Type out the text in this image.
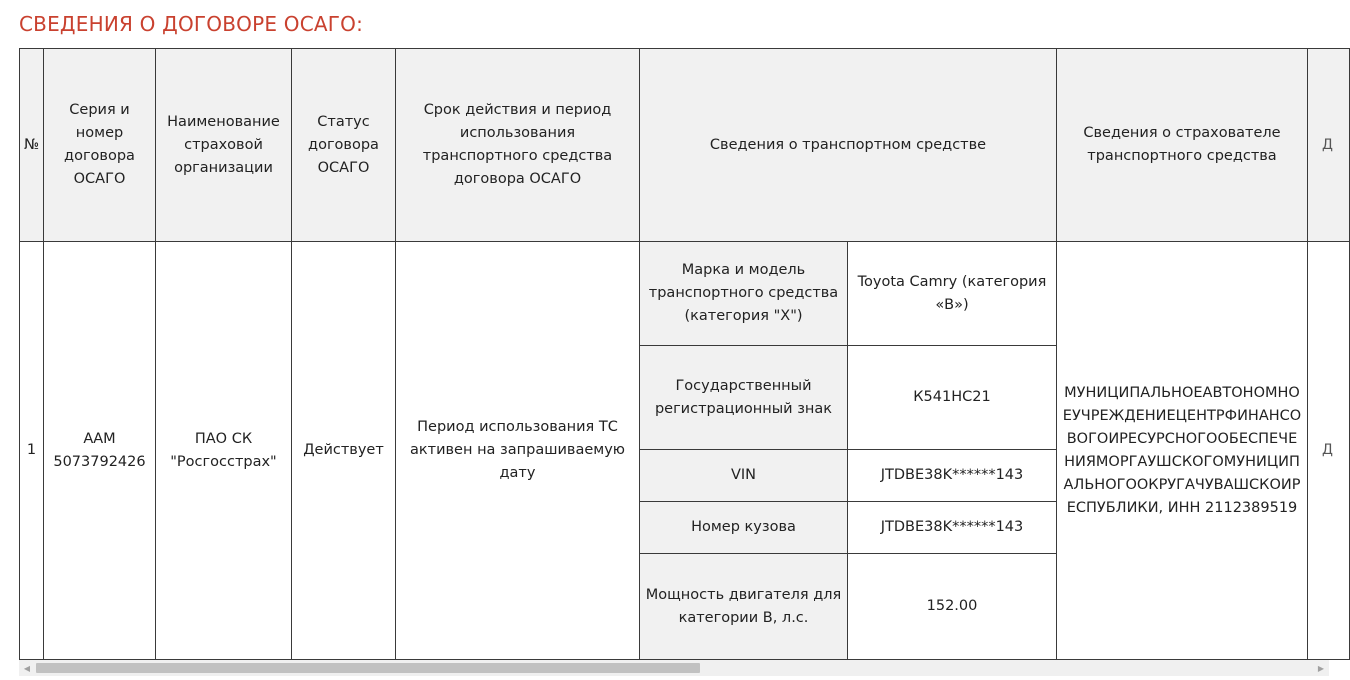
СВЕДЕНИЯ О ДОГОВОРЕ ОСАГО:
№	Серия и номер договора ОСАГО	Наименование страховой организации	Статус договора ОСАГО	Срок действия и период использования транспортного средства договора ОСАГО	Сведения о транспортном средстве		Сведения о страхователе транспортного средства	Д
1	ААМ 5073792426	ПАО СК "Росгосстрах"	Действует	Период использования ТС активен на запрашиваемую дату	Марка и модель транспортного средства (категория "Х")	Toyota Camry (категория «В»)	МУНИЦИПАЛЬНОЕАВТОНОМНОЕУЧРЕЖДЕНИЕЦЕНТРФИНАНСОВОГОИРЕСУРСНОГООБЕСПЕЧЕНИЯМОРГАУШСКОГОМУНИЦИПАЛЬНОГООКРУГАЧУВАШСКОИРЕСПУБЛИКИ, ИНН 2112389519	Д
					Государственный регистрационный знак	К541НС21		
					VIN	JTDBE38K******143		
					Номер кузова	JTDBE38K******143		
					Мощность двигателя для категории В, л.с.	152.00		
◀	▶
